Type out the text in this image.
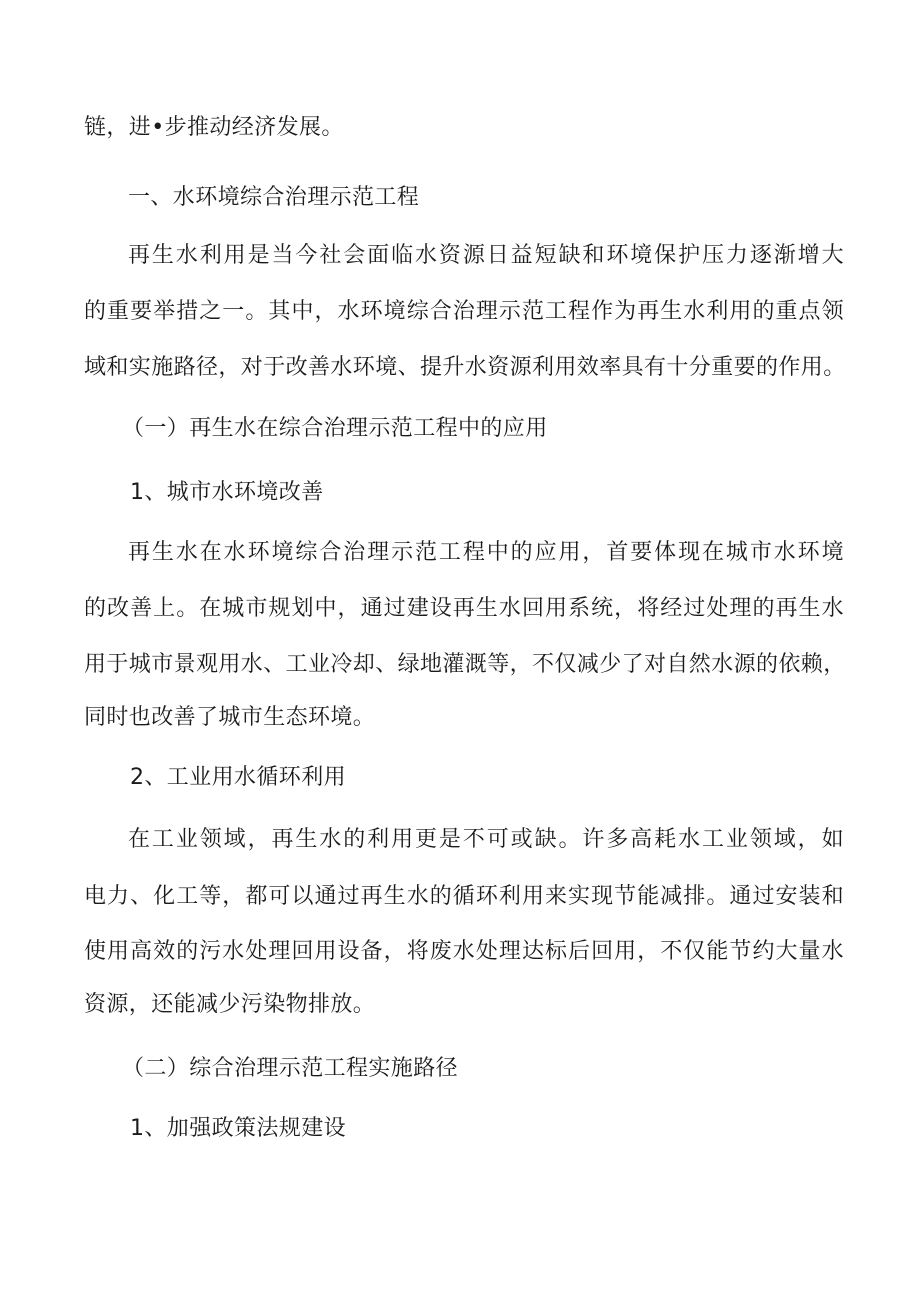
链，进•步推动经济发展。
一、水环境综合治理示范工程
再生水利用是当今社会面临水资源日益短缺和环境保护压力逐渐增大
的重要举措之一。其中，水环境综合治理示范工程作为再生水利用的重点领
域和实施路径，对于改善水环境、提升水资源利用效率具有十分重要的作用。
（一）再生水在综合治理示范工程中的应用
1、城市水环境改善
再生水在水环境综合治理示范工程中的应用，首要体现在城市水环境
的改善上。在城市规划中，通过建设再生水回用系统，将经过处理的再生水
用于城市景观用水、工业冷却、绿地灌溉等，不仅减少了对自然水源的依赖，
同时也改善了城市生态环境。
2、工业用水循环利用
在工业领域，再生水的利用更是不可或缺。许多高耗水工业领域，如
电力、化工等，都可以通过再生水的循环利用来实现节能减排。通过安装和
使用高效的污水处理回用设备，将废水处理达标后回用，不仅能节约大量水
资源，还能减少污染物排放。
（二）综合治理示范工程实施路径
1、加强政策法规建设
